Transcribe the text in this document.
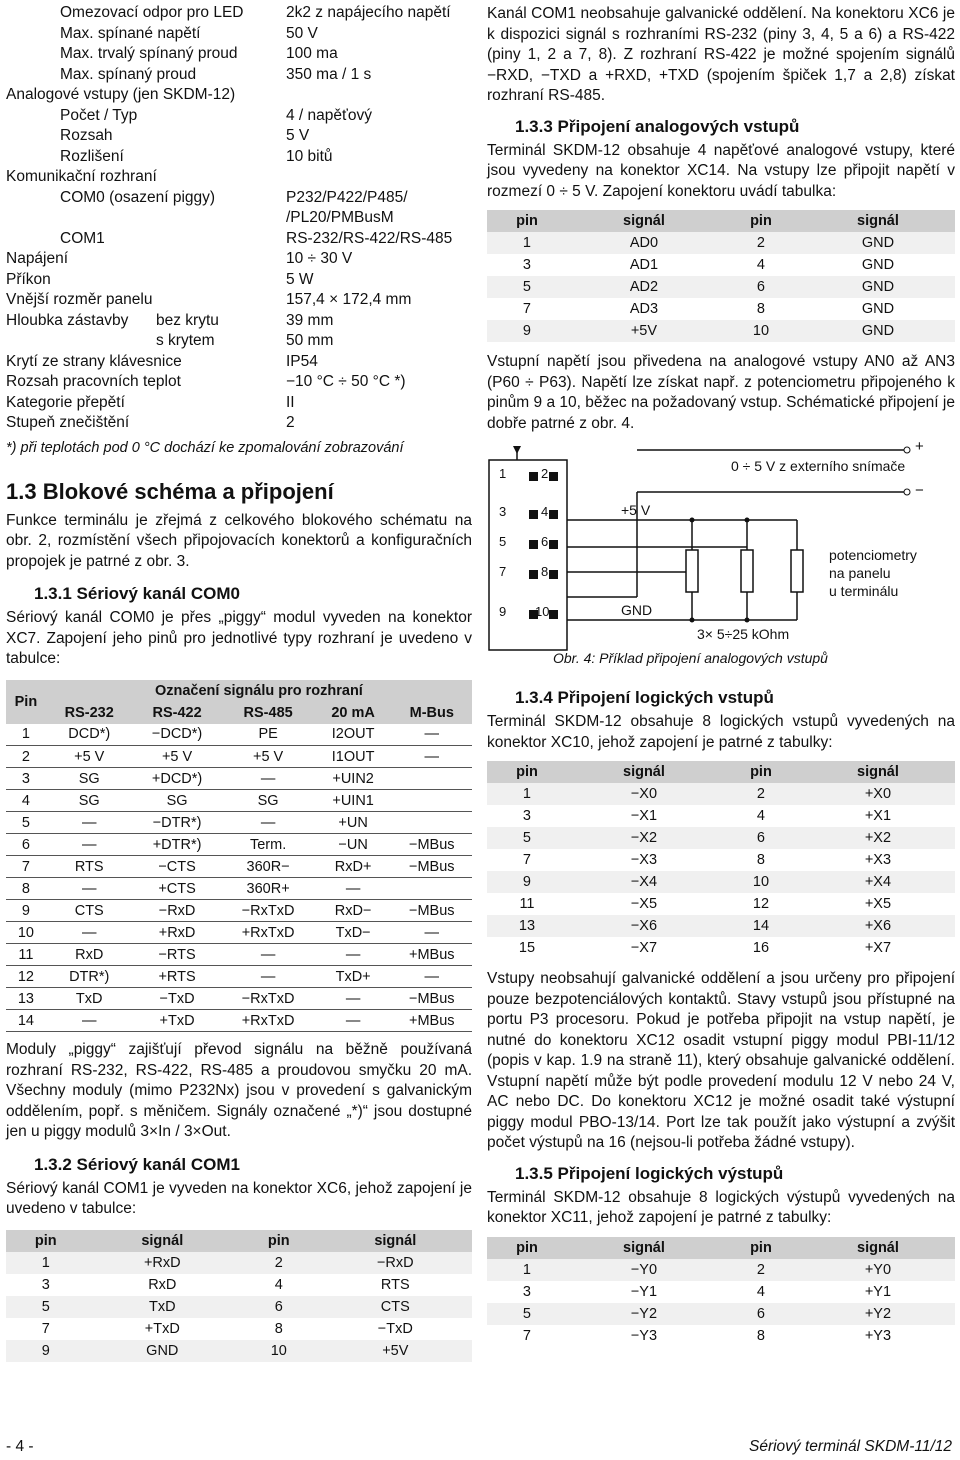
Omezovací odpor pro LED	2k2 z napájecího napětí
Max. spínané napětí	50 V
Max. trvalý spínaný proud	100 ma
Max. spínaný proud	350 ma / 1 s
Analogové vstupy (jen SKDM-12)
Počet / Typ	4 / napěťový
Rozsah	5 V
Rozlišení	10 bitů
Komunikační rozhraní
COM0 (osazení piggy)	P232/P422/P485/
/PL20/PMBusM
COM1	RS-232/RS-422/RS-485
Napájení	10 ÷ 30 V
Příkon	5 W
Vnější rozměr panelu	157,4 × 172,4 mm
Hloubka zástavby bez krytu	39 mm
s krytem	50 mm
Krytí ze strany klávesnice	IP54
Rozsah pracovních teplot	−10 °C ÷ 50 °C *)
Kategorie přepětí	II
Stupeň znečištění	2
*) při teplotách pod 0 °C dochází ke zpomalování zobrazování
1.3 Blokové schéma a připojení
Funkce terminálu je zřejmá z celkového blokového schématu na obr. 2, rozmístění všech připojovacích konektorů a konfiguračních propojek je patrné z obr. 3.
1.3.1 Sériový kanál COM0
Sériový kanál COM0 je přes „piggy“ modul vyveden na konektor XC7. Zapojení jeho pinů pro jednotlivé typy rozhraní je uvedeno v tabulce:
Pin	Označení signálu pro rozhraní				
	RS-232	RS-422	RS-485	20 mA	M-Bus
1	DCD*)	−DCD*)	PE	I2OUT	—
2	+5 V	+5 V	+5 V	I1OUT	—
3	SG	+DCD*)	—	+UIN2	
4	SG	SG	SG	+UIN1	
5	—	−DTR*)	—	+UN	
6	—	+DTR*)	Term.	−UN	−MBus
7	RTS	−CTS	360R−	RxD+	−MBus
8	—	+CTS	360R+	—	
9	CTS	−RxD	−RxTxD	RxD−	−MBus
10	—	+RxD	+RxTxD	TxD−	—
11	RxD	−RTS	—	—	+MBus
12	DTR*)	+RTS	—	TxD+	—
13	TxD	−TxD	−RxTxD	—	−MBus
14	—	+TxD	+RxTxD	—	+MBus
Moduly „piggy“ zajišťují převod signálu na běžně používaná rozhraní RS-232, RS-422, RS-485 a proudovou smyčku 20 mA. Všechny moduly (mimo P232Nx) jsou v provedení s galvanickým oddělením, popř. s měničem. Signály označené „*)“ jsou dostupné jen u piggy modulů 3×In / 3×Out.
1.3.2 Sériový kanál COM1
Sériový kanál COM1 je vyveden na konektor XC6, jehož zapojení je uvedeno v tabulce:
pin	signál	pin	signál
1	+RxD	2	−RxD
3	RxD	4	RTS
5	TxD	6	CTS
7	+TxD	8	−TxD
9	GND	10	+5V
Kanál COM1 neobsahuje galvanické oddělení. Na konektoru XC6 je k dispozici signál s rozhraními RS-232 (piny 3, 4, 5 a 6) a RS-422 (piny 1, 2 a 7, 8). Z rozhraní RS-422 je možné spojením signálů −RXD, −TXD a +RXD, +TXD (spojením špiček 1,7 a 2,8) získat rozhraní RS-485.
1.3.3 Připojení analogových vstupů
Terminál SKDM-12 obsahuje 4 napěťové analogové vstupy, které jsou vyvedeny na konektor XC14. Na vstupy lze připojit napětí v rozmezí 0 ÷ 5 V. Zapojení konektoru uvádí tabulka:
pin	signál	pin	signál
1	AD0	2	GND
3	AD1	4	GND
5	AD2	6	GND
7	AD3	8	GND
9	+5V	10	GND
Vstupní napětí jsou přivedena na analogové vstupy AN0 až AN3 (P60 ÷ P63). Napětí lze získat např. z potenciometru připojeného k pinům 9 a 10, běžec na požadovaný vstup. Schématické připojení je dobře patrné z obr. 4.
1	2
3	4
5	6
7	8
9 10
+
−
0 ÷ 5 V z externího snímače
+5 V
GND
potenciometry
na panelu
u terminálu
3× 5÷25 kOhm
Obr. 4: Příklad připojení analogových vstupů
1.3.4 Připojení logických vstupů
Terminál SKDM-12 obsahuje 8 logických vstupů vyvedených na konektor XC10, jehož zapojení je patrné z tabulky:
pin	signál	pin	signál
1	−X0	2	+X0
3	−X1	4	+X1
5	−X2	6	+X2
7	−X3	8	+X3
9	−X4	10	+X4
11	−X5	12	+X5
13	−X6	14	+X6
15	−X7	16	+X7
Vstupy neobsahují galvanické oddělení a jsou určeny pro připojení pouze bezpotenciálových kontaktů. Stavy vstupů jsou přístupné na portu P3 procesoru. Pokud je potřeba připojit na vstup napětí, je nutné do konektoru XC12 osadit vstupní piggy modul PBI-11/12 (popis v kap. 1.9 na straně 11), který obsahuje galvanické oddělení. Vstupní napětí může být podle provedení modulu 12 V nebo 24 V, AC nebo DC. Do konektoru XC12 je možné osadit také výstupní piggy modul PBO-13/14. Port lze tak použít jako výstupní a zvýšit počet výstupů na 16 (nejsou-li potřeba žádné vstupy).
1.3.5 Připojení logických výstupů
Terminál SKDM-12 obsahuje 8 logických výstupů vyvedených na konektor XC11, jehož zapojení je patrné z tabulky:
pin	signál	pin	signál
1	−Y0	2	+Y0
3	−Y1	4	+Y1
5	−Y2	6	+Y2
7	−Y3	8	+Y3
- 4 -	Sériový terminál SKDM-11/12
